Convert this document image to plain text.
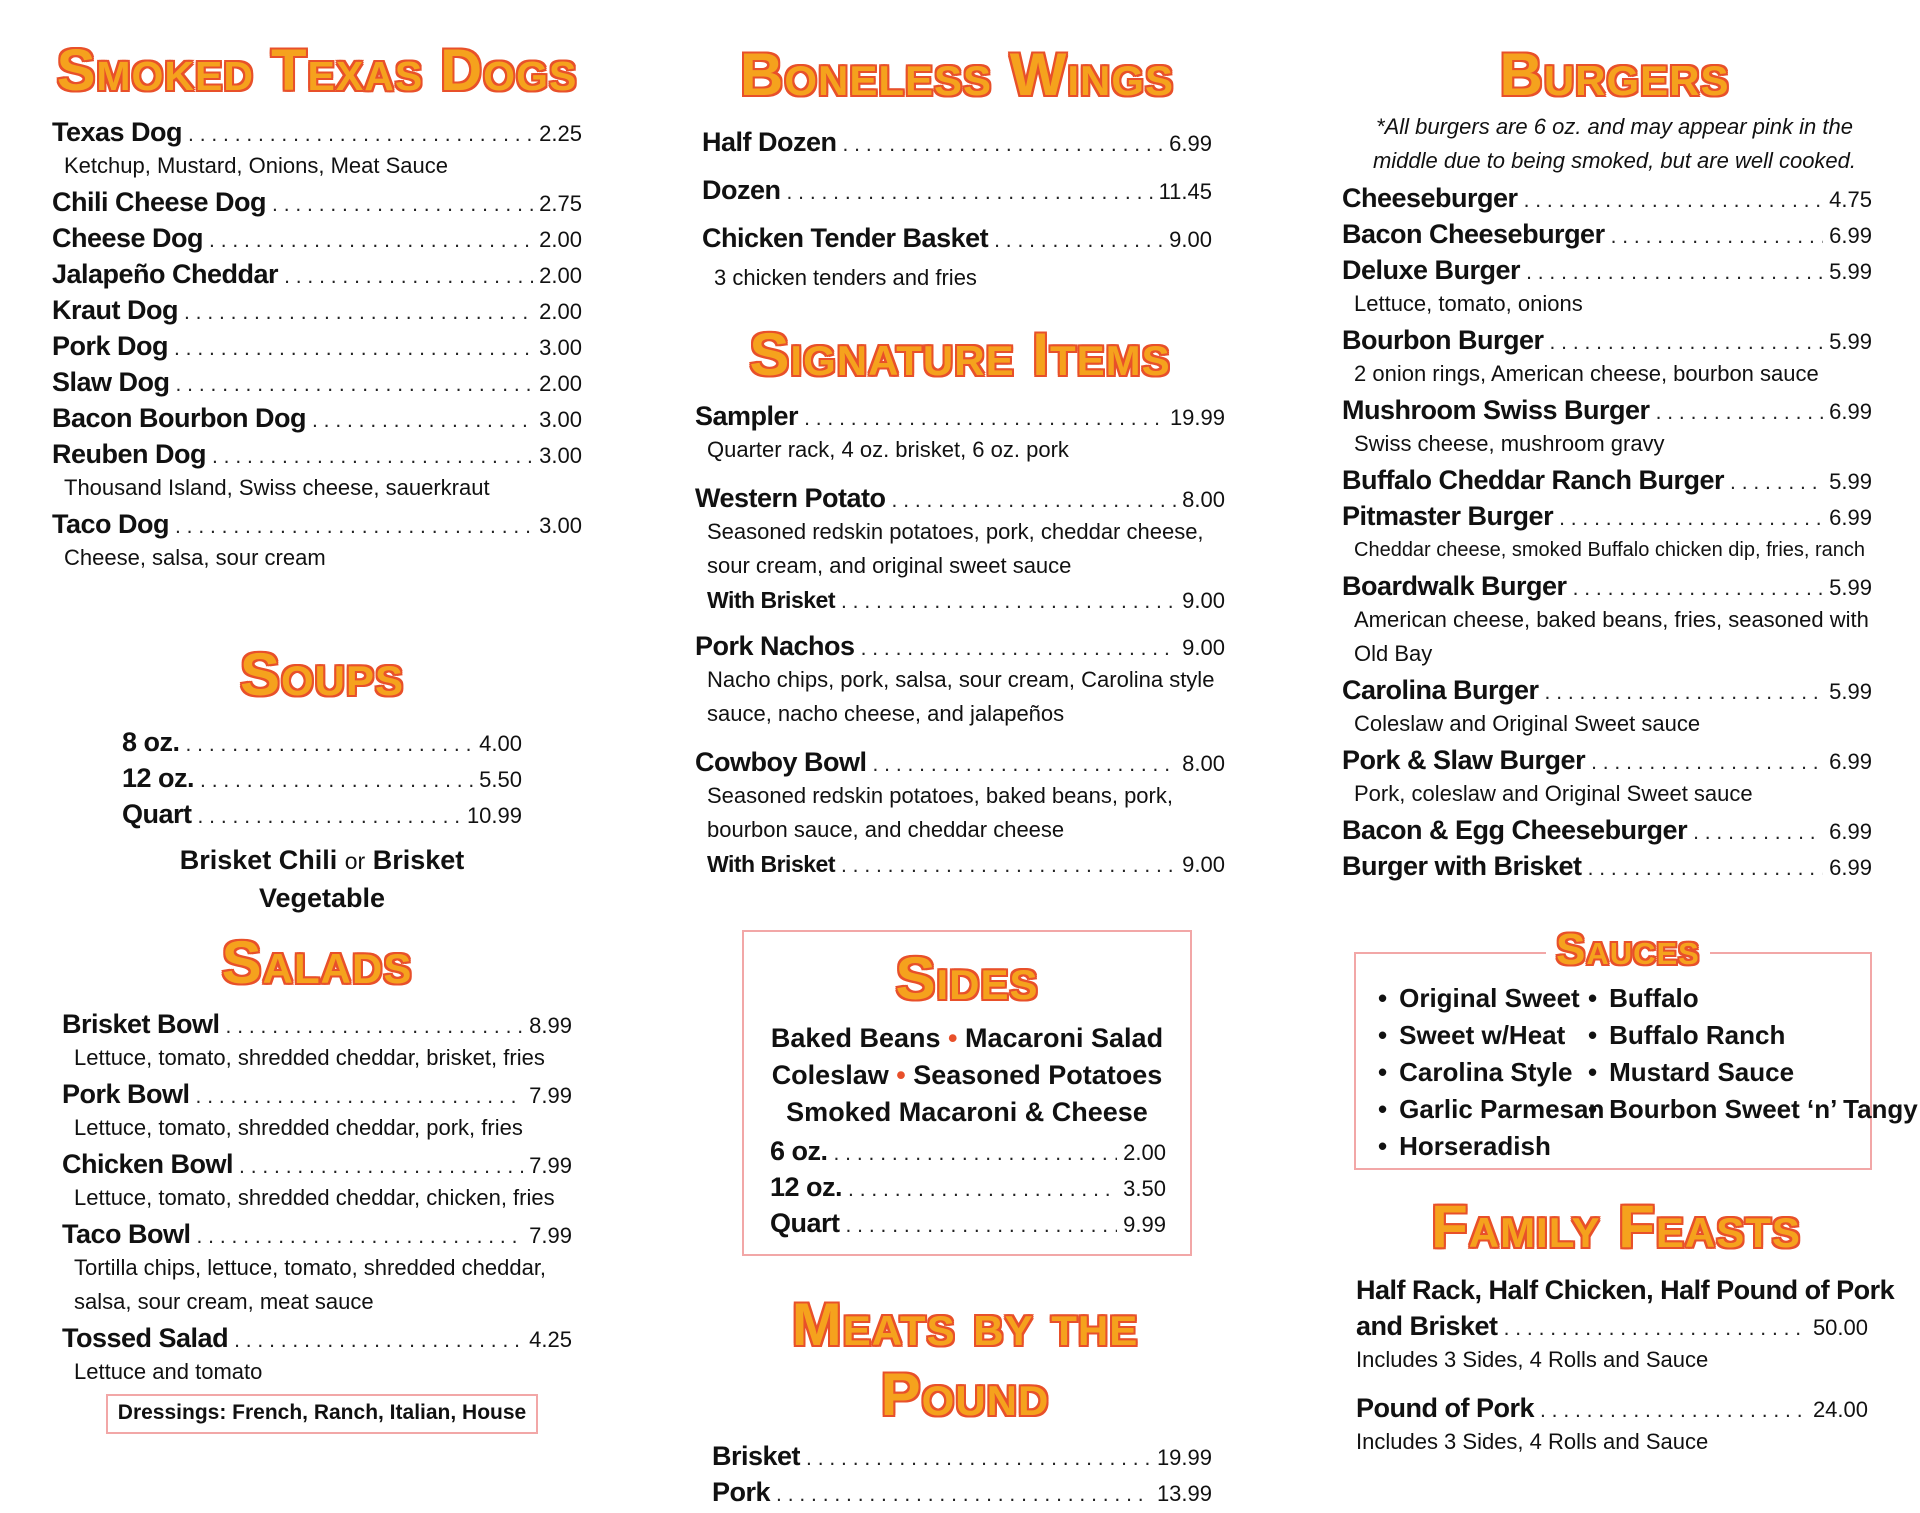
Smoked Texas Dogs
Texas Dog . . .	2.25
Ketchup, Mustard, Onions, Meat Sauce
Chili Cheese Dog . . .	2.75
Cheese Dog . . .	2.00
Jalapeño Cheddar . . .	2.00
Kraut Dog . . .	2.00
Pork Dog . . .	3.00
Slaw Dog . . .	2.00
Bacon Bourbon Dog . . .	3.00
Reuben Dog . . .	3.00
Thousand Island, Swiss cheese, sauerkraut
Taco Dog . . .	3.00
Cheese, salsa, sour cream
Soups
8 oz. . . .	4.00
12 oz. . . .	5.50
Quart . . .	10.99
Brisket Chili or Brisket Vegetable
Salads
Brisket Bowl . . .	8.99
Lettuce, tomato, shredded cheddar, brisket, fries
Pork Bowl . . .	7.99
Lettuce, tomato, shredded cheddar, pork, fries
Chicken Bowl . . .	7.99
Lettuce, tomato, shredded cheddar, chicken, fries
Taco Bowl . . .	7.99
Tortilla chips, lettuce, tomato, shredded cheddar,
salsa, sour cream, meat sauce
Tossed Salad . . .	4.25
Lettuce and tomato
Dressings: French, Ranch, Italian, House
Boneless Wings
Half Dozen . . .	6.99
Dozen . . .	11.45
Chicken Tender Basket . . .	9.00
3 chicken tenders and fries
Signature Items
Sampler . . .	19.99
Quarter rack, 4 oz. brisket, 6 oz. pork
Western Potato . . .	8.00
Seasoned redskin potatoes, pork, cheddar cheese,
sour cream, and original sweet sauce
With Brisket . . .	9.00
Pork Nachos . . .	9.00
Nacho chips, pork, salsa, sour cream, Carolina style
sauce, nacho cheese, and jalapeños
Cowboy Bowl . . .	8.00
Seasoned redskin potatoes, baked beans, pork,
bourbon sauce, and cheddar cheese
With Brisket . . .	9.00
Sides
Baked Beans • Macaroni Salad
Coleslaw • Seasoned Potatoes
Smoked Macaroni & Cheese
6 oz. . . .	2.00
12 oz. . . .	3.50
Quart . . .	9.99
Meats by the Pound
Brisket . . .	19.99
Pork . . .	13.99
Burgers
*All burgers are 6 oz. and may appear pink in the
middle due to being smoked, but are well cooked.
Cheeseburger . . .	4.75
Bacon Cheeseburger . . .	6.99
Deluxe Burger . . .	5.99
Lettuce, tomato, onions
Bourbon Burger . . .	5.99
2 onion rings, American cheese, bourbon sauce
Mushroom Swiss Burger . . .	6.99
Swiss cheese, mushroom gravy
Buffalo Cheddar Ranch Burger . . .	5.99
Pitmaster Burger . . .	6.99
Cheddar cheese, smoked Buffalo chicken dip, fries, ranch
Boardwalk Burger . . .	5.99
American cheese, baked beans, fries, seasoned with
Old Bay
Carolina Burger . . .	5.99
Coleslaw and Original Sweet sauce
Pork & Slaw Burger . . .	6.99
Pork, coleslaw and Original Sweet sauce
Bacon & Egg Cheeseburger . . .	6.99
Burger with Brisket . . .	6.99
Sauces
• Original Sweet
• Sweet w/Heat
• Carolina Style
• Garlic Parmesan
• Horseradish
• Buffalo
• Buffalo Ranch
• Mustard Sauce
• Bourbon Sweet ‘n’ Tangy
Family Feasts
Half Rack, Half Chicken, Half Pound of Pork
and Brisket . . .	50.00
Includes 3 Sides, 4 Rolls and Sauce
Pound of Pork . . .	24.00
Includes 3 Sides, 4 Rolls and Sauce
